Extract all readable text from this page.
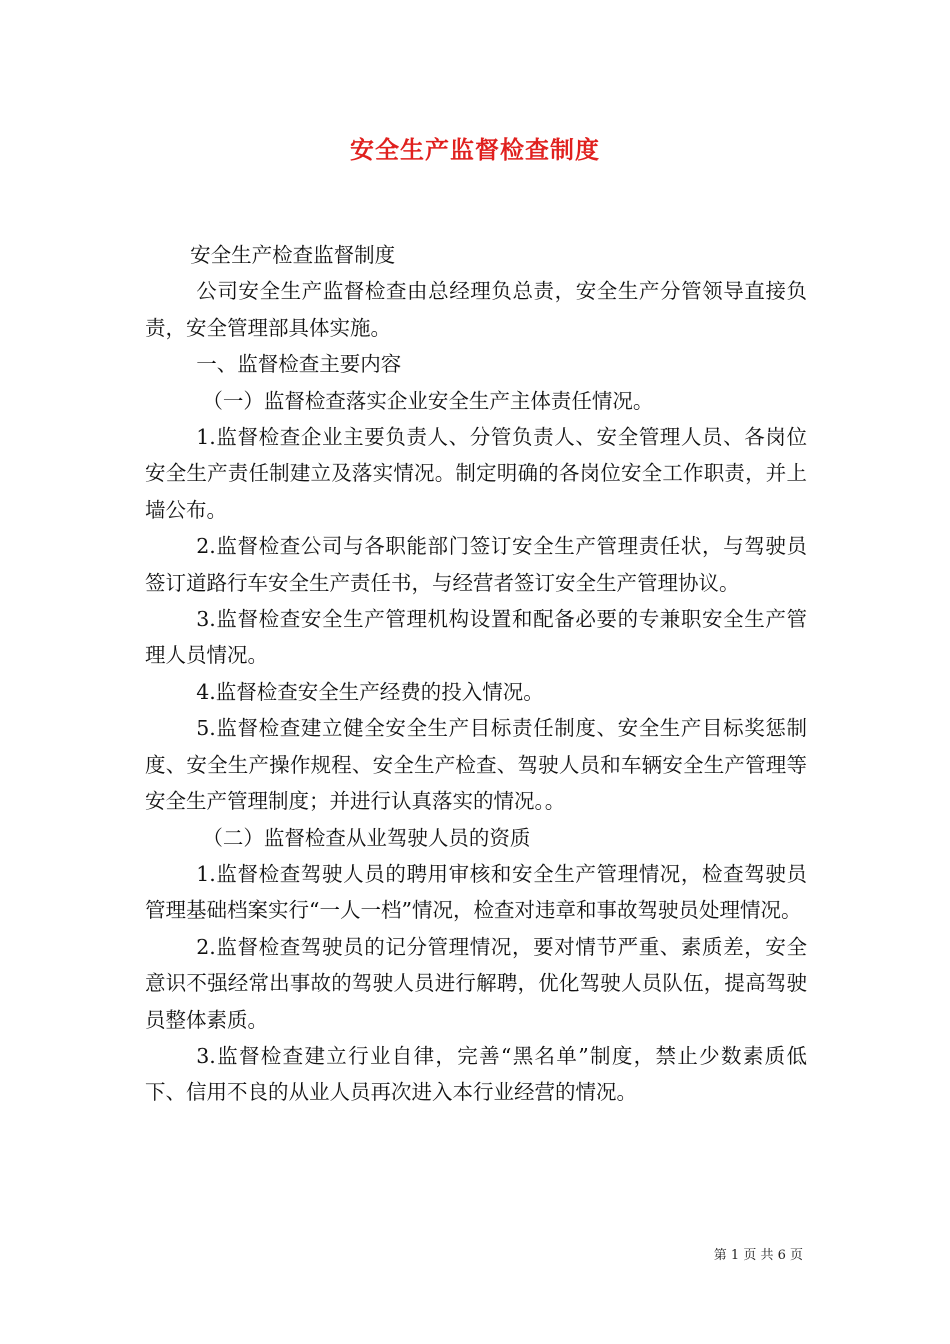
安全生产监督检查制度

安全生产检查监督制度

公司安全生产监督检查由总经理负总责，安全生产分管领导直接负责，安全管理部具体实施。

一、监督检查主要内容

（一）监督检查落实企业安全生产主体责任情况。

1.监督检查企业主要负责人、分管负责人、安全管理人员、各岗位安全生产责任制建立及落实情况。制定明确的各岗位安全工作职责，并上墙公布。

2.监督检查公司与各职能部门签订安全生产管理责任状，与驾驶员签订道路行车安全生产责任书，与经营者签订安全生产管理协议。

3.监督检查安全生产管理机构设置和配备必要的专兼职安全生产管理人员情况。

4.监督检查安全生产经费的投入情况。

5.监督检查建立健全安全生产目标责任制度、安全生产目标奖惩制度、安全生产操作规程、安全生产检查、驾驶人员和车辆安全生产管理等安全生产管理制度；并进行认真落实的情况。。

（二）监督检查从业驾驶人员的资质

1.监督检查驾驶人员的聘用审核和安全生产管理情况，检查驾驶员管理基础档案实行“一人一档”情况，检查对违章和事故驾驶员处理情况。

2.监督检查驾驶员的记分管理情况，要对情节严重、素质差，安全意识不强经常出事故的驾驶人员进行解聘，优化驾驶人员队伍，提高驾驶员整体素质。

3.监督检查建立行业自律，完善“黑名单”制度，禁止少数素质低下、信用不良的从业人员再次进入本行业经营的情况。

第 1 页 共 6 页
